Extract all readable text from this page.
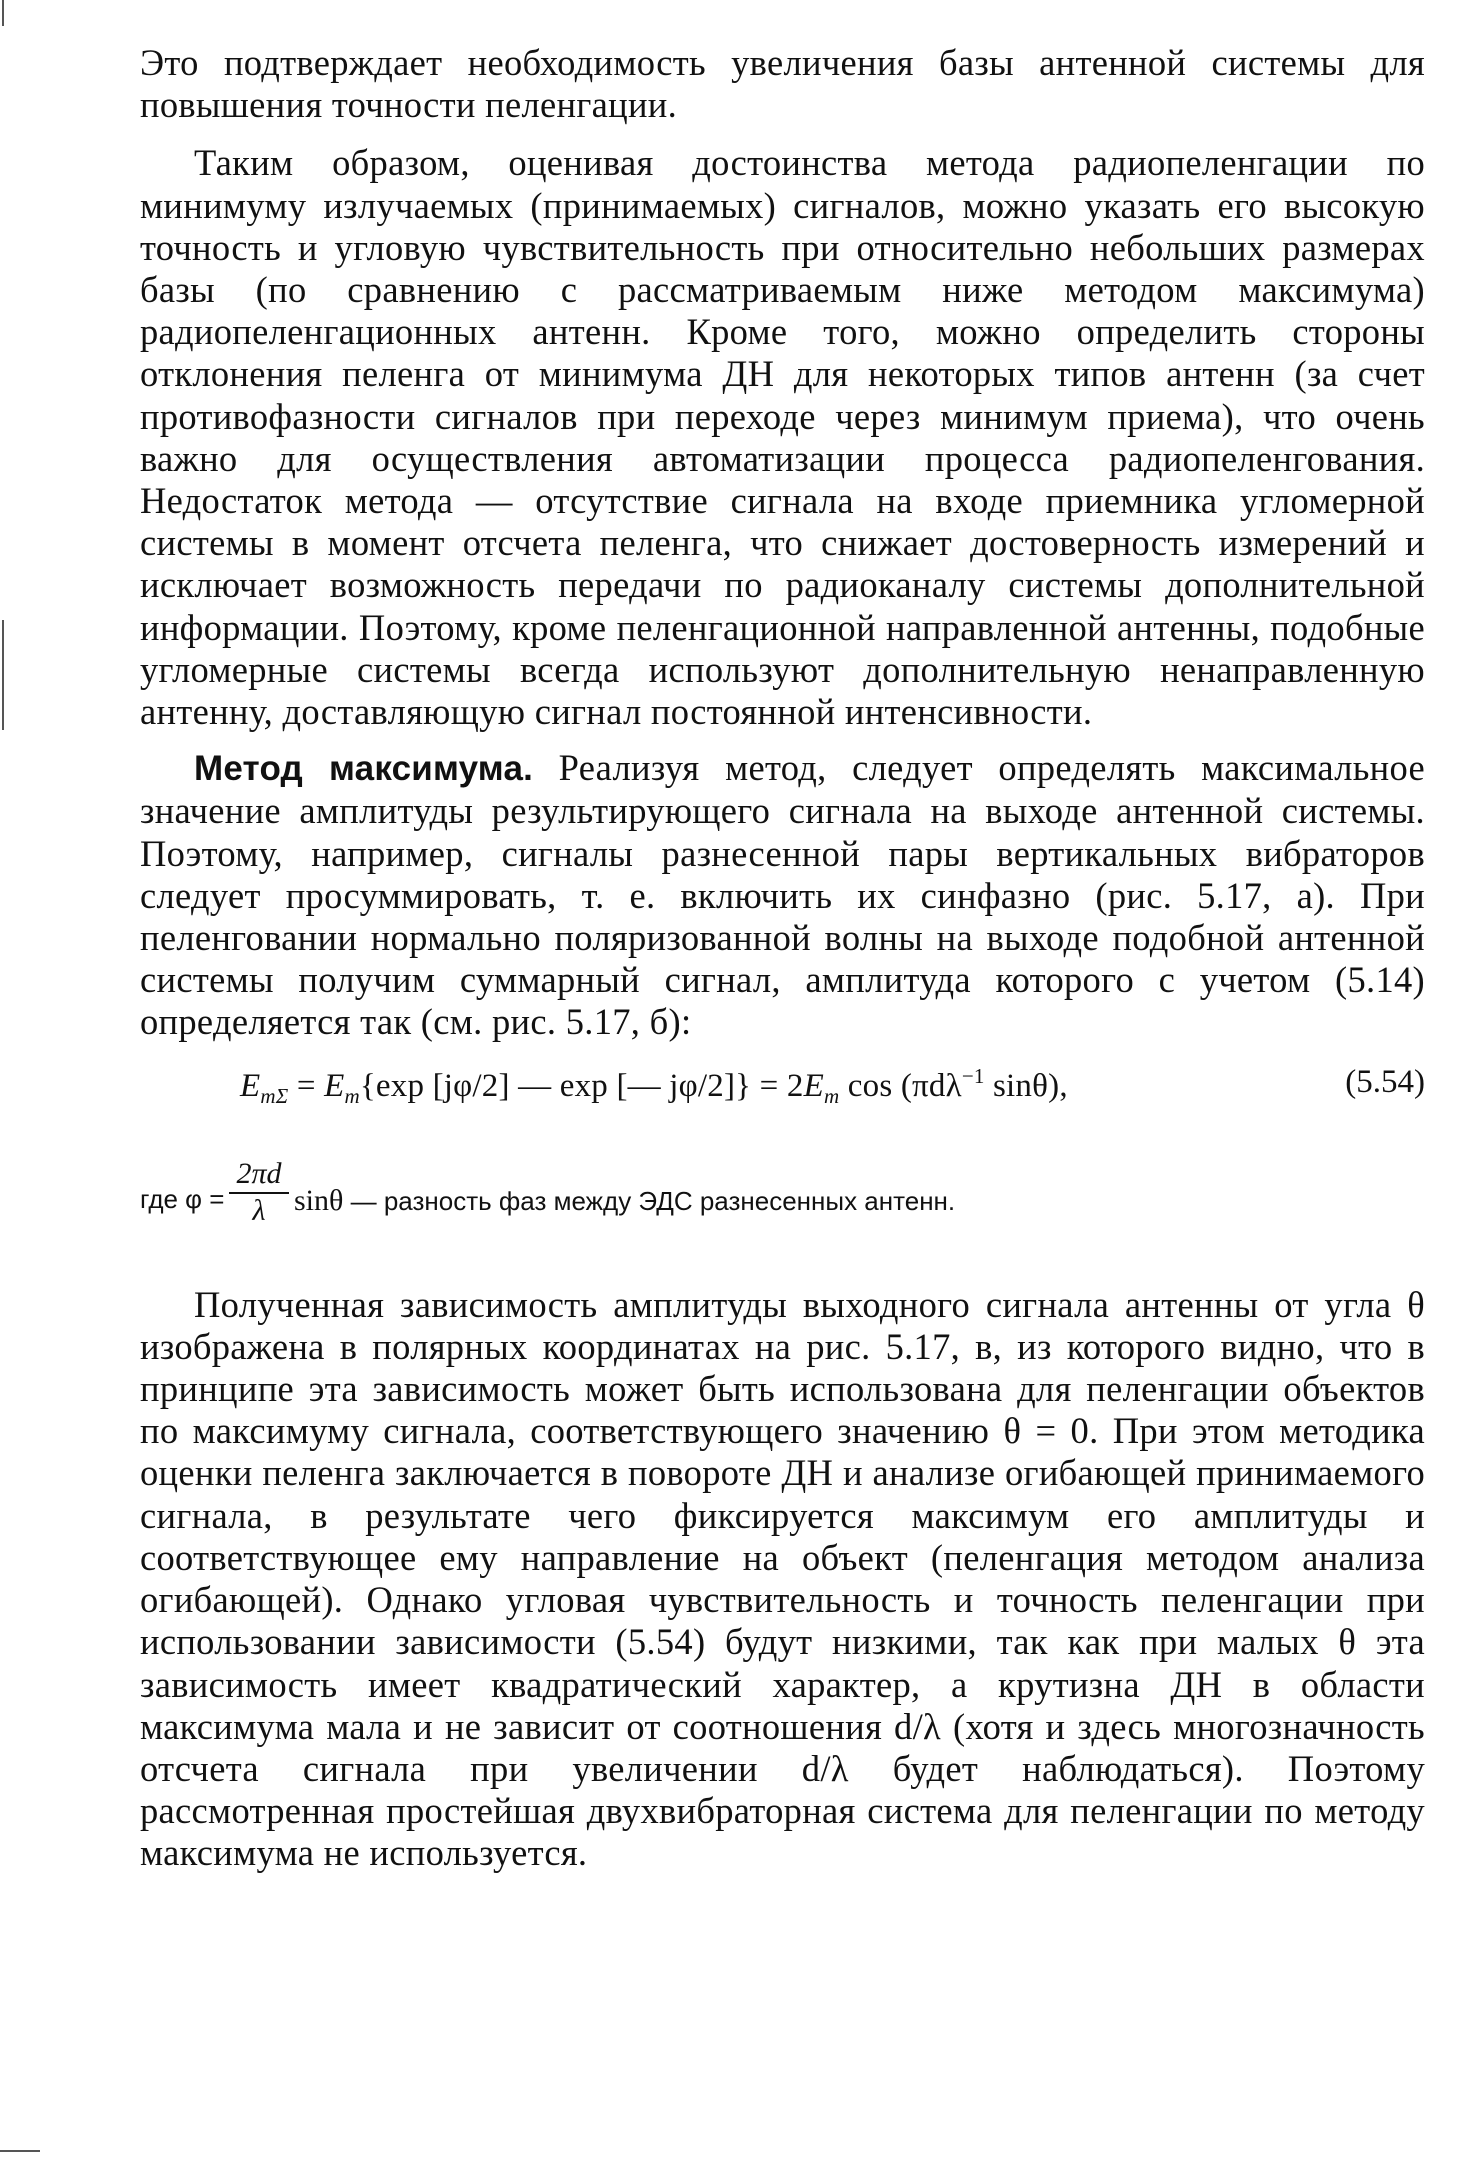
Это подтверждает необходимость увеличения базы антенной системы для повышения точности пеленгации.

Таким образом, оценивая достоинства метода радиопеленгации по минимуму излучаемых (принимаемых) сигналов, можно указать его высокую точность и угловую чувствительность при относительно небольших размерах базы (по сравнению с рассматриваемым ниже методом максимума) радиопеленгационных антенн. Кроме того, можно определить стороны отклонения пеленга от минимума ДН для некоторых типов антенн (за счет противофазности сигналов при переходе через минимум приема), что очень важно для осуществления автоматизации процесса радиопеленгования. Недостаток метода — отсутствие сигнала на входе приемника угломерной системы в момент отсчета пеленга, что снижает достоверность измерений и исключает возможность передачи по радиоканалу системы дополнительной информации. Поэтому, кроме пеленгационной направленной антенны, подобные угломерные системы всегда используют дополнительную ненаправленную антенну, доставляющую сигнал постоянной интенсивности.

Метод максимума. Реализуя метод, следует определять максимальное значение амплитуды результирующего сигнала на выходе антенной системы. Поэтому, например, сигналы разнесенной пары вертикальных вибраторов следует просуммировать, т. е. включить их синфазно (рис. 5.17, а). При пеленговании нормально поляризованной волны на выходе подобной антенной системы получим суммарный сигнал, амплитуда которого с учетом (5.14) определяется так (см. рис. 5.17, б):

$E_{m\Sigma} = E_m\{\exp$ [jφ/2] — exp [— $j\varphi/2]\} = 2E_m$ cos (πdλ$^{-1}$ sinθ),	(5.54)
где $\varphi = \frac{2\pi d}{\lambda}$ sinθ — разность фаз между ЭДС разнесенных антенн.

Полученная зависимость амплитуды выходного сигнала антенны от угла θ изображена в полярных координатах на рис. 5.17, в, из которого видно, что в принципе эта зависимость может быть использована для пеленгации объектов по максимуму сигнала, соответствующего значению θ = 0. При этом методика оценки пеленга заключается в повороте ДН и анализе огибающей принимаемого сигнала, в результате чего фиксируется максимум его амплитуды и соответствующее ему направление на объект (пеленгация методом анализа огибающей). Однако угловая чувствительность и точность пеленгации при использовании зависимости (5.54) будут низкими, так как при малых θ эта зависимость имеет квадратический характер, а крутизна ДН в области максимума мала и не зависит от соотношения d/λ (хотя и здесь многозначность отсчета сигнала при увеличении d/λ будет наблюдаться). Поэтому рассмотренная простейшая двухвибраторная система для пеленгации по методу максимума не используется.
